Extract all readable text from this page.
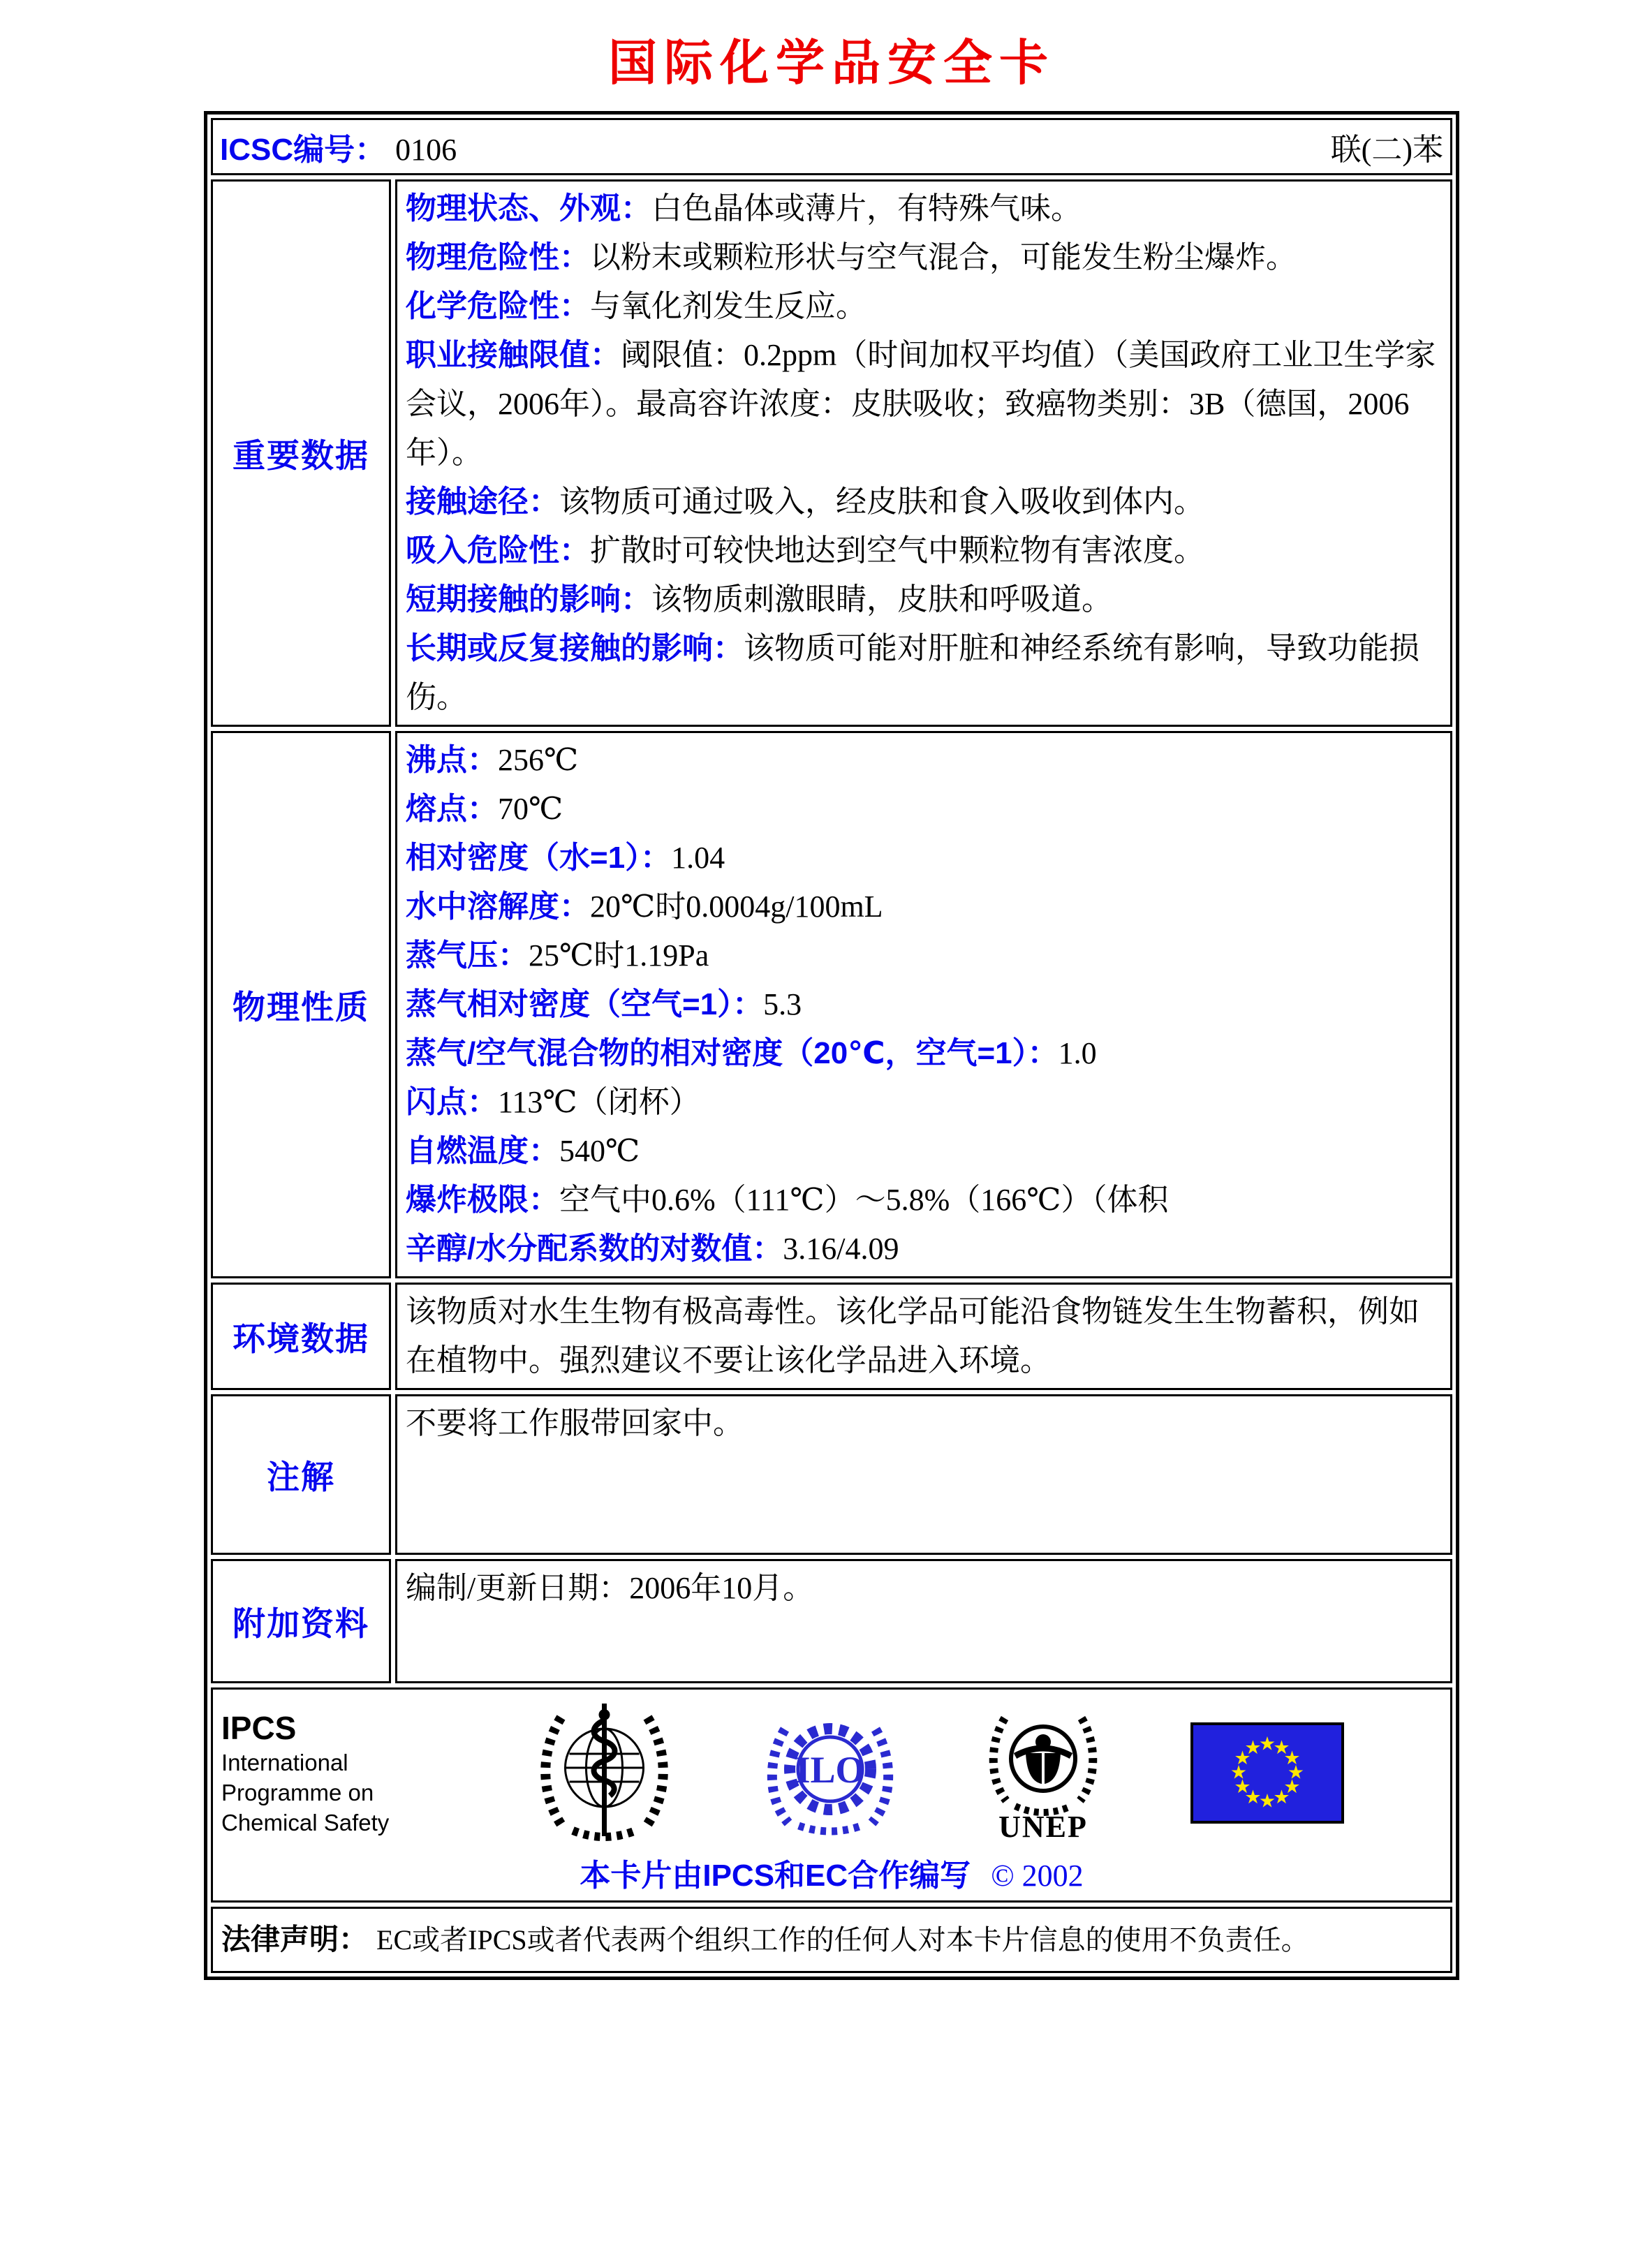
国际化学品安全卡
ICSC编号： 0106	联(二)苯
重要数据
物理状态、外观：白色晶体或薄片，有特殊气味。
物理危险性：以粉末或颗粒形状与空气混合，可能发生粉尘爆炸。
化学危险性：与氧化剂发生反应。
职业接触限值：阈限值：0.2ppm（时间加权平均值）（美国政府工业卫生学家会议，2006年）。最高容许浓度：皮肤吸收；致癌物类别：3B（德国，2006年）。
接触途径：该物质可通过吸入，经皮肤和食入吸收到体内。
吸入危险性：扩散时可较快地达到空气中颗粒物有害浓度。
短期接触的影响：该物质刺激眼睛，皮肤和呼吸道。
长期或反复接触的影响：该物质可能对肝脏和神经系统有影响，导致功能损伤。
物理性质
沸点：256℃
熔点：70℃
相对密度（水=1）：1.04
水中溶解度：20℃时0.0004g/100mL
蒸气压：25℃时1.19Pa
蒸气相对密度（空气=1）：5.3
蒸气/空气混合物的相对密度（20℃，空气=1）：1.0
闪点：113℃（闭杯）
自燃温度：540℃
爆炸极限：空气中0.6%（111℃）～5.8%（166℃）（体积
辛醇/水分配系数的对数值：3.16/4.09
环境数据
该物质对水生生物有极高毒性。该化学品可能沿食物链发生生物蓄积，例如在植物中。强烈建议不要让该化学品进入环境。
注解
不要将工作服带回家中。
附加资料
编制/更新日期：2006年10月。
IPCS
International
Programme on
Chemical Safety
ILO
UNEP
★
★
★
★
★
★
★
★
★
★
★
★
本卡片由IPCS和EC合作编写 © 2002
法律声明： EC或者IPCS或者代表两个组织工作的任何人对本卡片信息的使用不负责任。
